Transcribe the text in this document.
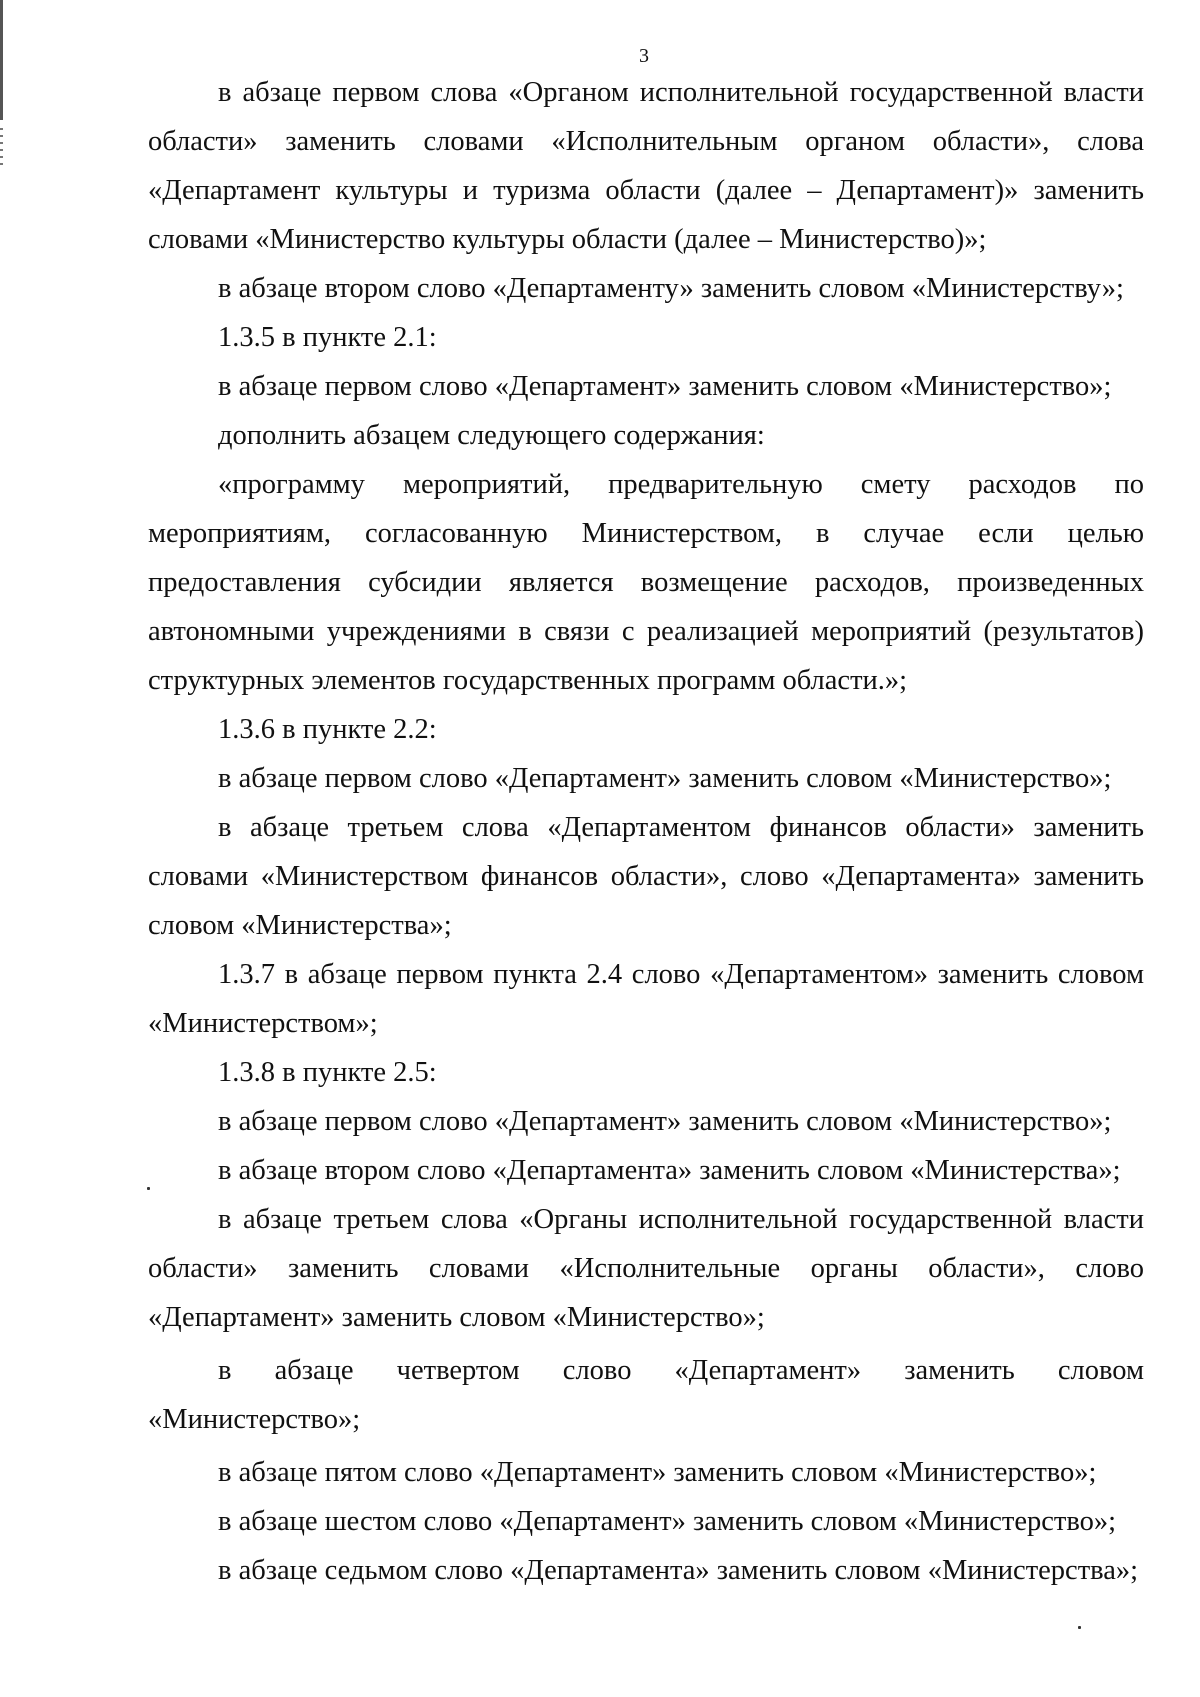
3

в абзаце первом слова «Органом исполнительной государственной власти области» заменить словами «Исполнительным органом области», слова «Департамент культуры и туризма области (далее – Департамент)» заменить словами «Министерство культуры области (далее – Министерство)»;

в абзаце втором слово «Департаменту» заменить словом «Министерству»;

1.3.5 в пункте 2.1:

в абзаце первом слово «Департамент» заменить словом «Министерство»;

дополнить абзацем следующего содержания:

«программу мероприятий, предварительную смету расходов по мероприятиям, согласованную Министерством, в случае если целью предоставления субсидии является возмещение расходов, произведенных автономными учреждениями в связи с реализацией мероприятий (результатов) структурных элементов государственных программ области.»;

1.3.6 в пункте 2.2:

в абзаце первом слово «Департамент» заменить словом «Министерство»;

в абзаце третьем слова «Департаментом финансов области» заменить словами «Министерством финансов области», слово «Департамента» заменить словом «Министерства»;

1.3.7 в абзаце первом пункта 2.4 слово «Департаментом» заменить словом «Министерством»;

1.3.8 в пункте 2.5:

в абзаце первом слово «Департамент» заменить словом «Министерство»;

в абзаце втором слово «Департамента» заменить словом «Министерства»;

в абзаце третьем слова «Органы исполнительной государственной власти области» заменить словами «Исполнительные органы области», слово «Департамент» заменить словом «Министерство»;

в абзаце четвертом слово «Департамент» заменить словом «Министерство»;

в абзаце пятом слово «Департамент» заменить словом «Министерство»;

в абзаце шестом слово «Департамент» заменить словом «Министерство»;

в абзаце седьмом слово «Департамента» заменить словом «Министерства»;
